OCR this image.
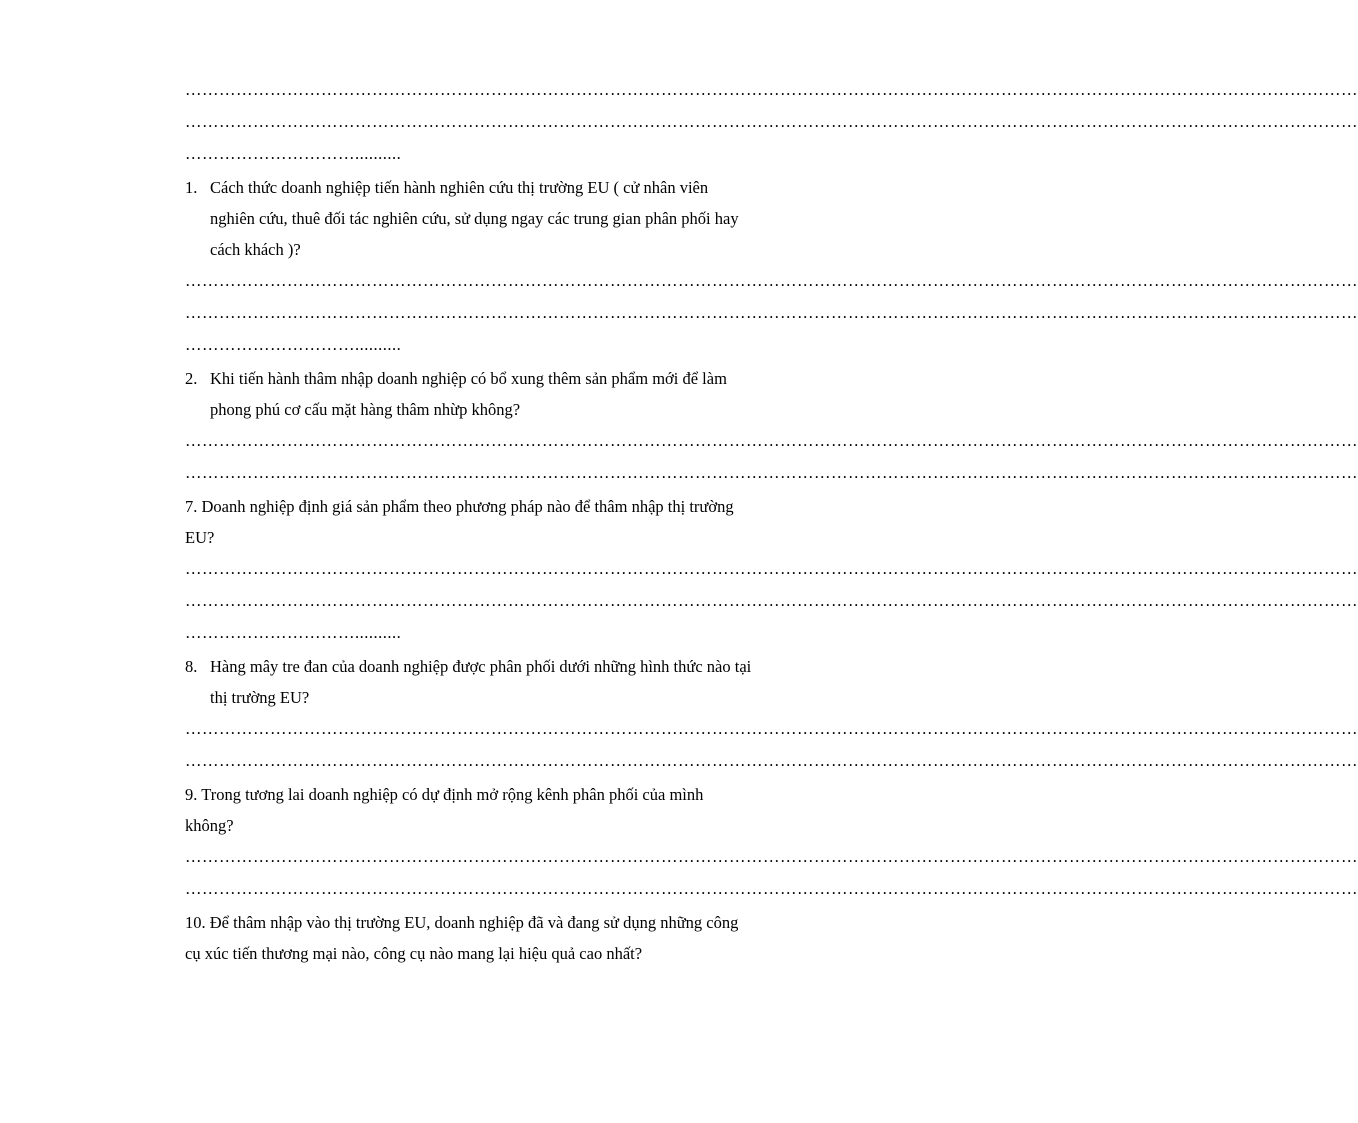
………………………………………………………………………………………………………………………………………………………………………………………
………………………………………………………………………………………………………………………………………………………………………………………
…………………………..........

1. Cách thức doanh nghiệp tiến hành nghiên cứu thị trường EU ( cử nhân viên nghiên cứu, thuê đối tác nghiên cứu, sử dụng ngay các trung gian phân phối hay cách khách )?

………………………………………………………………………………………………………………………………………………………………………………………
………………………………………………………………………………………………………………………………………………………………………………………
…………………………..........

2. Khi tiến hành thâm nhập doanh nghiệp có bổ xung thêm sản phẩm mới để làm phong phú cơ cấu mặt hàng thâm nhừp không?

………………………………………………………………………………………………………………………………………………………………………………………
………………………………………………………………………………………………………………………………………………………………………………………

7. Doanh nghiệp định giá sản phẩm theo phương pháp nào để thâm nhập thị trường EU?

………………………………………………………………………………………………………………………………………………………………………………………
………………………………………………………………………………………………………………………………………………………………………………………
…………………………..........

8. Hàng mây tre đan của doanh nghiệp được phân phối dưới những hình thức nào tại thị trường EU?

………………………………………………………………………………………………………………………………………………………………………………………
………………………………………………………………………………………………………………………………………………………………………………………

9. Trong tương lai doanh nghiệp có dự định mở rộng kênh phân phối của mình không?

………………………………………………………………………………………………………………………………………………………………………………………
………………………………………………………………………………………………………………………………………………………………………………………

10. Để thâm nhập vào thị trường EU, doanh nghiệp đã và đang sử dụng những công cụ xúc tiến thương mại nào, công cụ nào mang lại hiệu quả cao nhất?
